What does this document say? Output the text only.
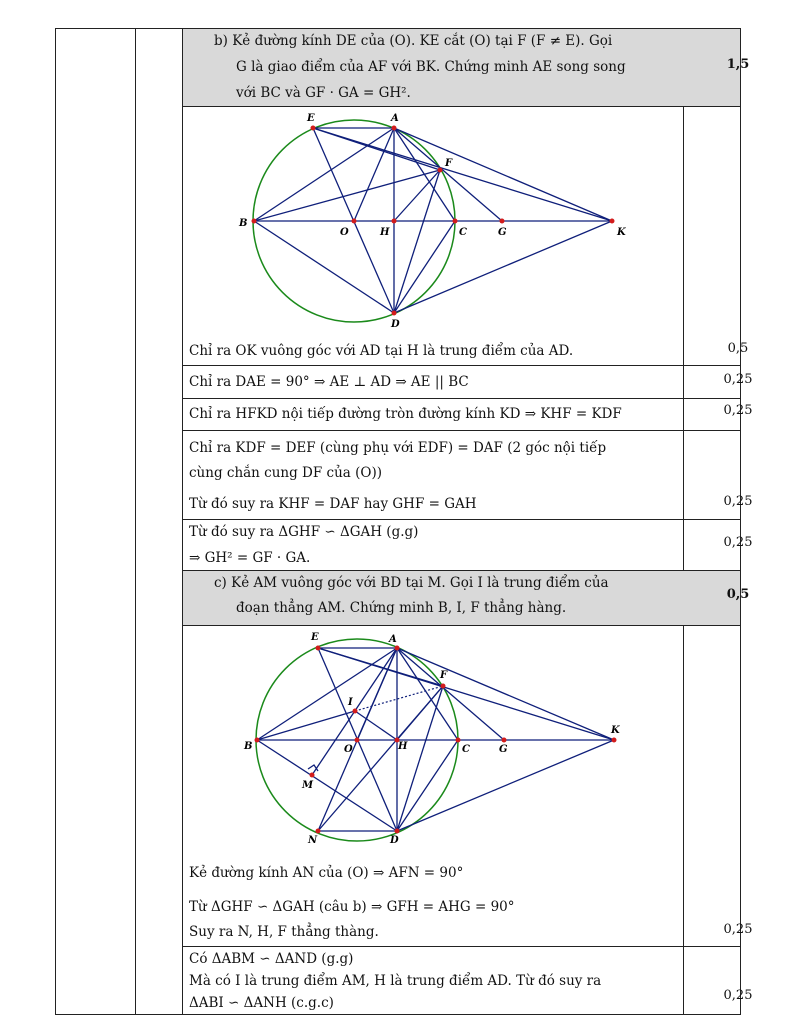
b) Kẻ đường kính DE của (O). KE cắt (O) tại F (F ≠ E). Gọi
G là giao điểm của AF với BK. Chứng minh AE song song
với BC và GF · GA = GH².
1,5
E	A
F
B
O	H	C	G	K
D
Chỉ ra OK vuông góc với AD tại H là trung điểm của AD.	0,5
Chỉ ra DAE = 90° ⇒ AE ⊥ AD ⇒ AE || BC	0,25
Chỉ ra HFKD nội tiếp đường tròn đường kính KD ⇒ KHF = KDF	0,25
Chỉ ra KDF = DEF (cùng phụ với EDF) = DAF (2 góc nội tiếp
cùng chắn cung DF của (O))
Từ đó suy ra KHF = DAF hay GHF = GAH	0,25
Từ đó suy ra ΔGHF ∽ ΔGAH (g.g)
⇒ GH² = GF · GA.
0,25
c) Kẻ AM vuông góc với BD tại M. Gọi I là trung điểm của
đoạn thẳng AM. Chứng minh B, I, F thẳng hàng.
0,5
E	A
F
I
K
B	O	H	C	G
M
N	D
Kẻ đường kính AN của (O) ⇒ AFN = 90°
Từ ΔGHF ∽ ΔGAH (câu b) ⇒ GFH = AHG = 90°
Suy ra N, H, F thẳng thàng.	0,25
Có ΔABM ∽ ΔAND (g.g)
Mà có I là trung điểm AM, H là trung điểm AD. Từ đó suy ra
ΔABI ∽ ΔANH (c.g.c)	0,25
